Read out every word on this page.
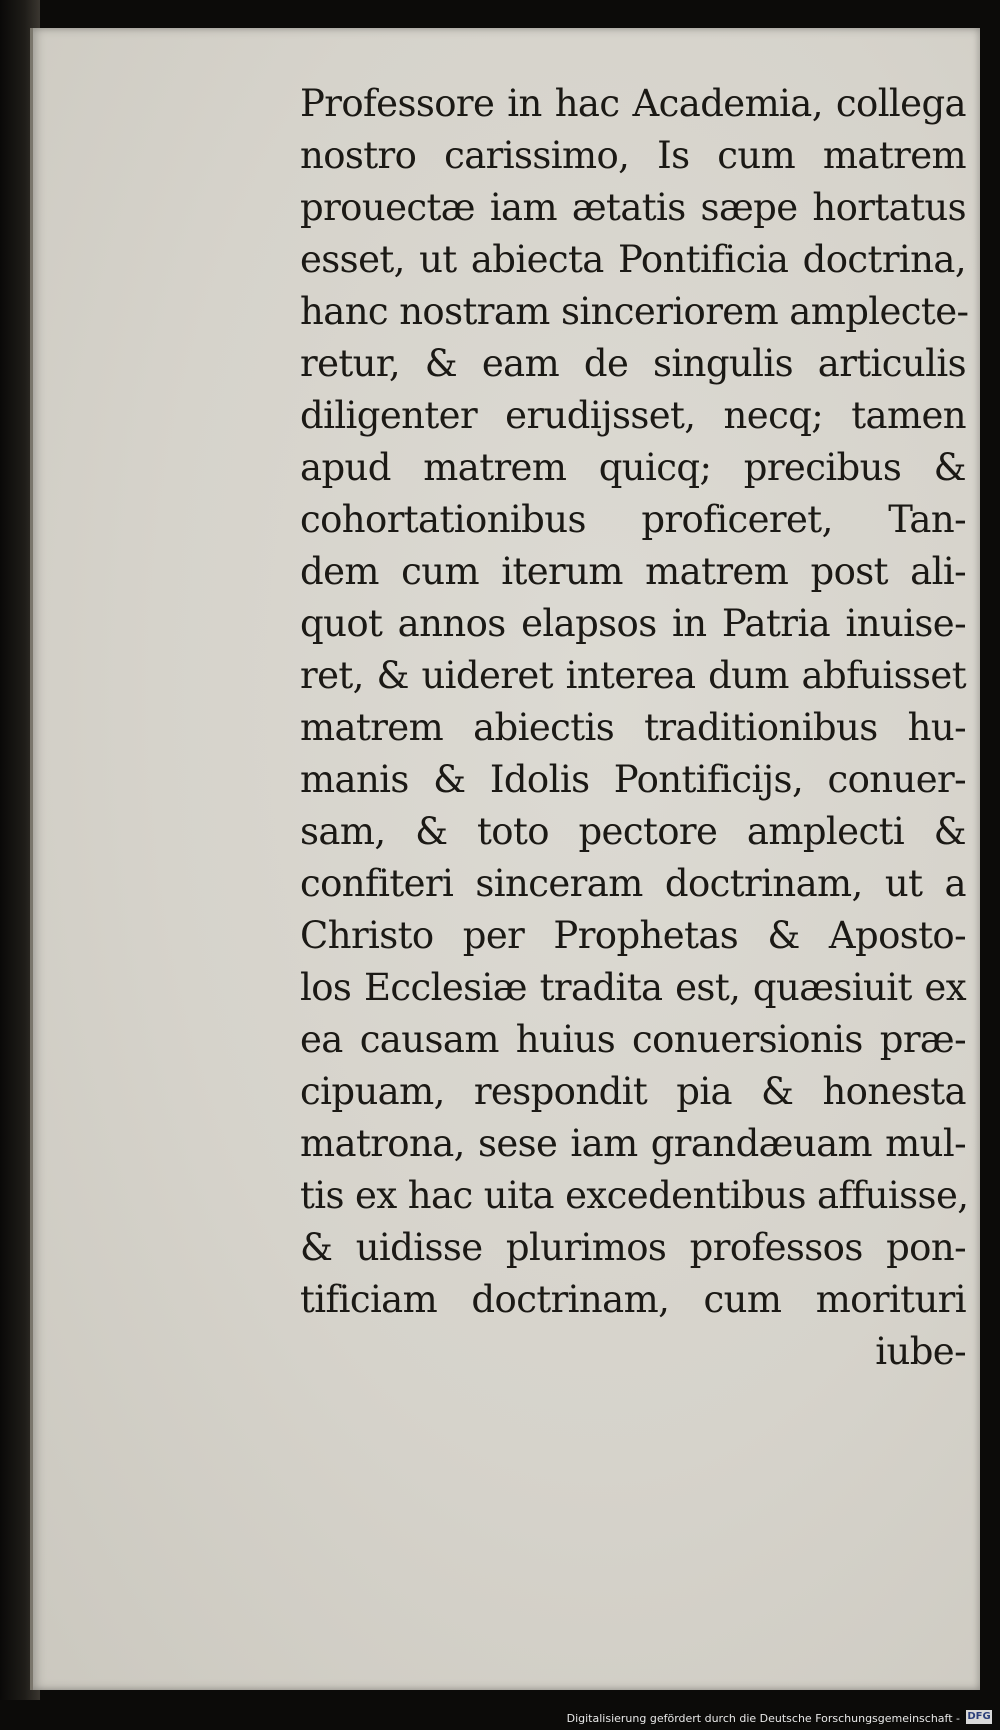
Professore in hac Academia, collega
nostro carissimo, Is cum matrem
prouectæ iam ætatis sæpe hortatus
esset, ut abiecta Pontificia doctrina,
hanc nostram sinceriorem amplecte-
retur, & eam de singulis articulis
diligenter erudijsset, necq; tamen
apud matrem quicq; precibus &
cohortationibus proficeret, Tan-
dem cum iterum matrem post ali-
quot annos elapsos in Patria inuise-
ret, & uideret interea dum abfuisset
matrem abiectis traditionibus hu-
manis & Idolis Pontificijs, conuer-
sam, & toto pectore amplecti &
confiteri sinceram doctrinam, ut a
Christo per Prophetas & Aposto-
los Ecclesiæ tradita est, quæsiuit ex
ea causam huius conuersionis præ-
cipuam, respondit pia & honesta
matrona, sese iam grandæuam mul-
tis ex hac uita excedentibus affuisse,
& uidisse plurimos professos pon-
tificiam doctrinam, cum morituri
iube-
Digitalisierung gefördert durch die Deutsche Forschungsgemeinschaft - DFG
